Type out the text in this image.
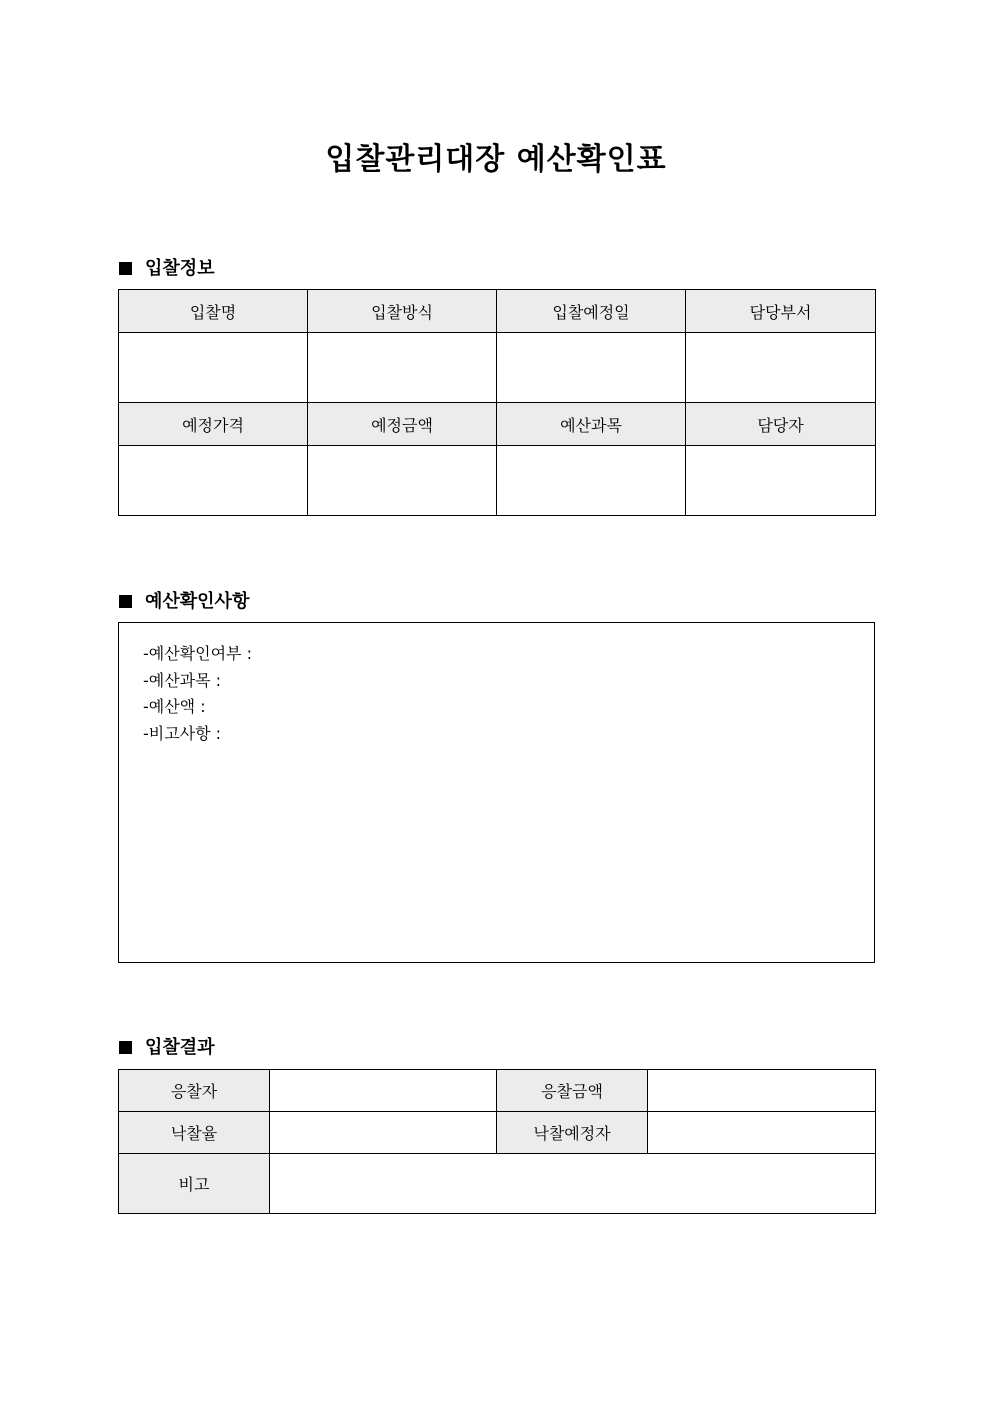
입찰관리대장 예산확인표
입찰정보
입찰명	입찰방식	입찰예정일	담당부서

예정가격	예정금액	예산과목	담당자

예산확인사항
-예산확인여부 :
-예산과목 :
-예산액 :
-비고사항 :
입찰결과
응찰자		응찰금액	
낙찰율		낙찰예정자	
비고			
